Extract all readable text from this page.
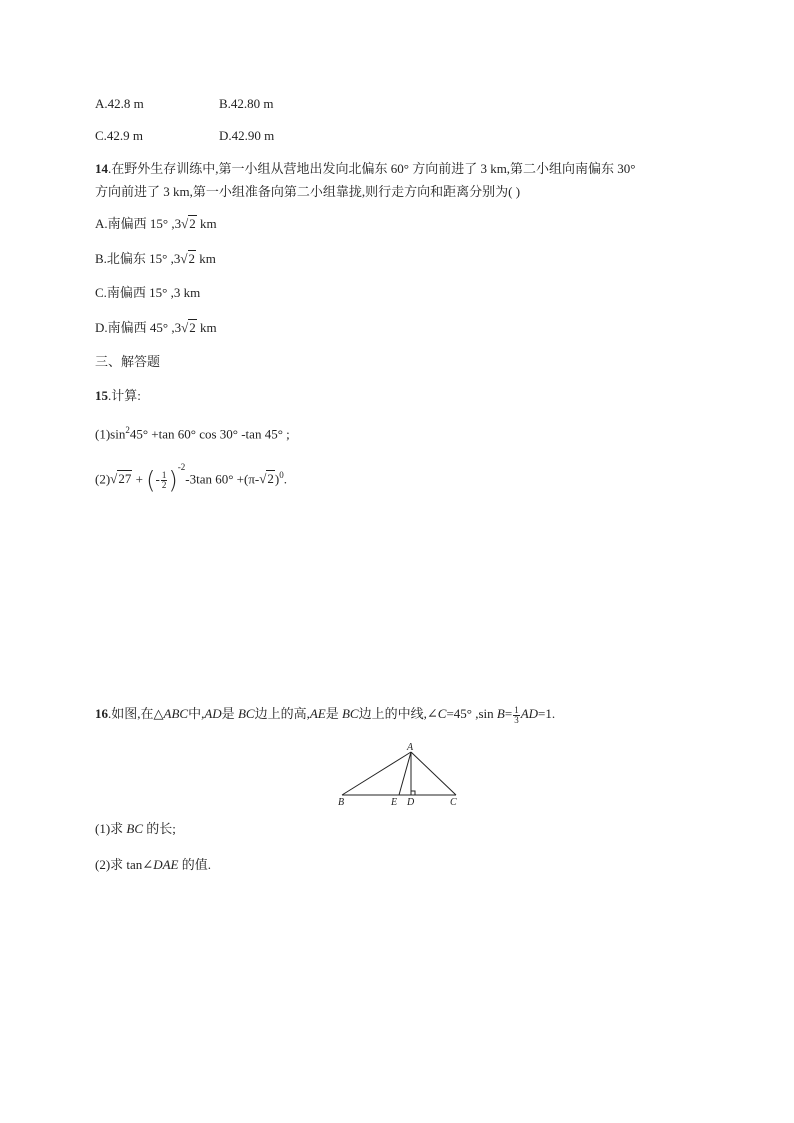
A.42.8 m	B.42.80 m
C.42.9 m	D.42.90 m
14.在野外生存训练中,第一小组从营地出发向北偏东 60° 方向前进了 3 km,第二小组向南偏东 30°
方向前进了 3 km,第一小组准备向第二小组靠拢,则行走方向和距离分别为( )
A.南偏西 15° ,3√2 km
B.北偏东 15° ,3√2 km
C.南偏西 15° ,3 km
D.南偏西 45° ,3√2 km
三、解答题
15.计算:
$(1)\sin^245^\circ +\tan$ 60° cos 30° -tan 45° ;
(2)√27 + (- $\frac{1}{2} )^{-2}-3\tan$ $60^\circ +(\pi-√2)^0$.
16.如图,在△ABC中,AD是 BC边上的高,AE是 BC边上的中线,∠C=45° ,sin $B= \frac{1}{3} AD=1$.
A
B	C
D
E
(1)求 BC 的长;
(2)求 tan∠DAE 的值.
